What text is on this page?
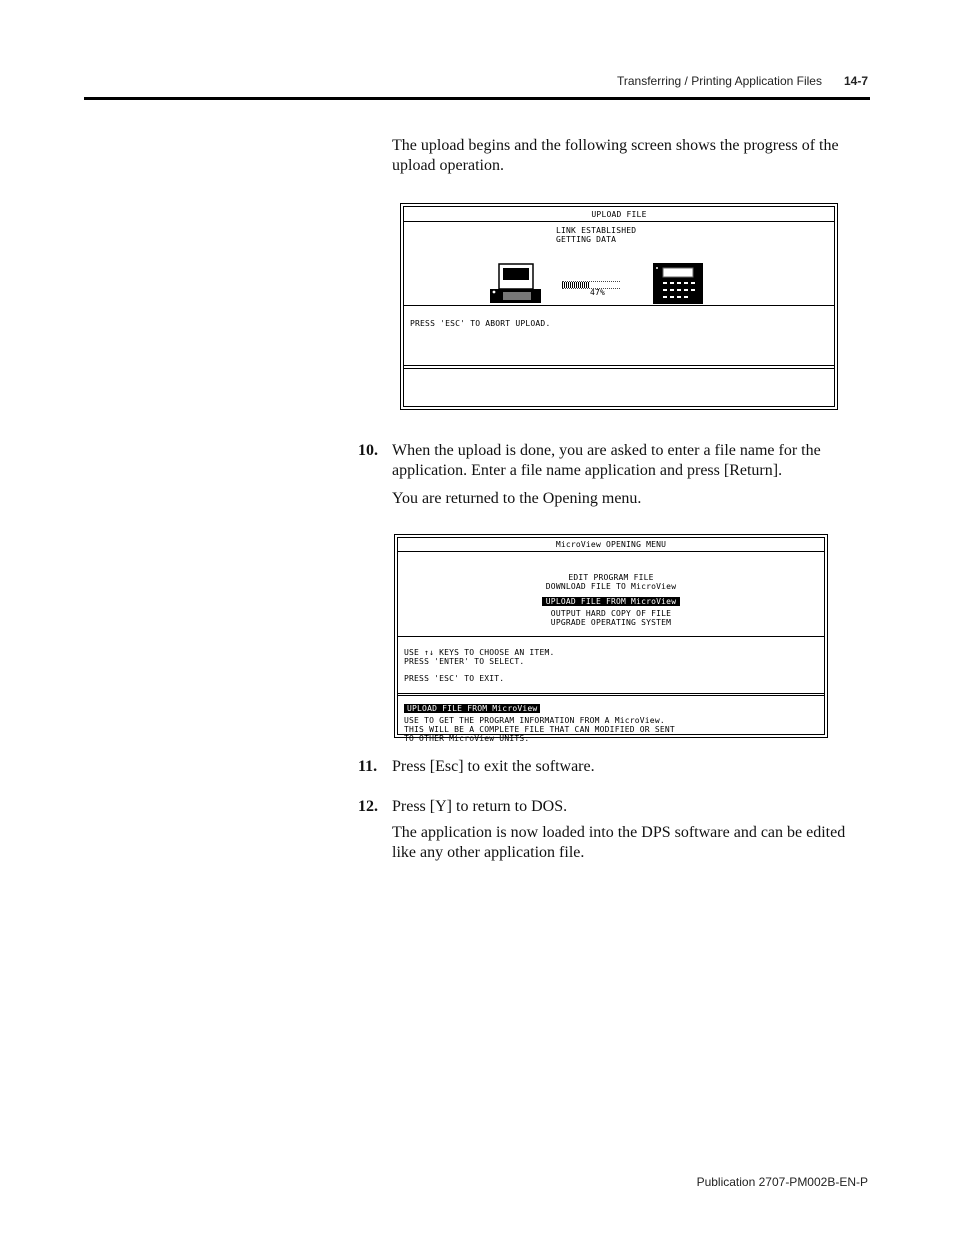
Transferring / Printing Application Files 14-7
The upload begins and the following screen shows the progress of the upload operation.
UPLOAD FILE
LINK ESTABLISHED
GETTING DATA
47%
PRESS 'ESC' TO ABORT UPLOAD.
10. When the upload is done, you are asked to enter a file name for the application. Enter a file name application and press [Return].
You are returned to the Opening menu.
MicroView OPENING MENU
EDIT PROGRAM FILE
DOWNLOAD FILE TO MicroView
UPLOAD FILE FROM MicroView
OUTPUT HARD COPY OF FILE
UPGRADE OPERATING SYSTEM
USE ↑↓ KEYS TO CHOOSE AN ITEM.
PRESS 'ENTER' TO SELECT.
PRESS 'ESC' TO EXIT.
UPLOAD FILE FROM MicroView
USE TO GET THE PROGRAM INFORMATION FROM A MicroView.
THIS WILL BE A COMPLETE FILE THAT CAN MODIFIED OR SENT
TO OTHER MicroView UNITS.
11. Press [Esc] to exit the software.
12. Press [Y] to return to DOS.
The application is now loaded into the DPS software and can be edited like any other application file.
Publication 2707-PM002B-EN-P
